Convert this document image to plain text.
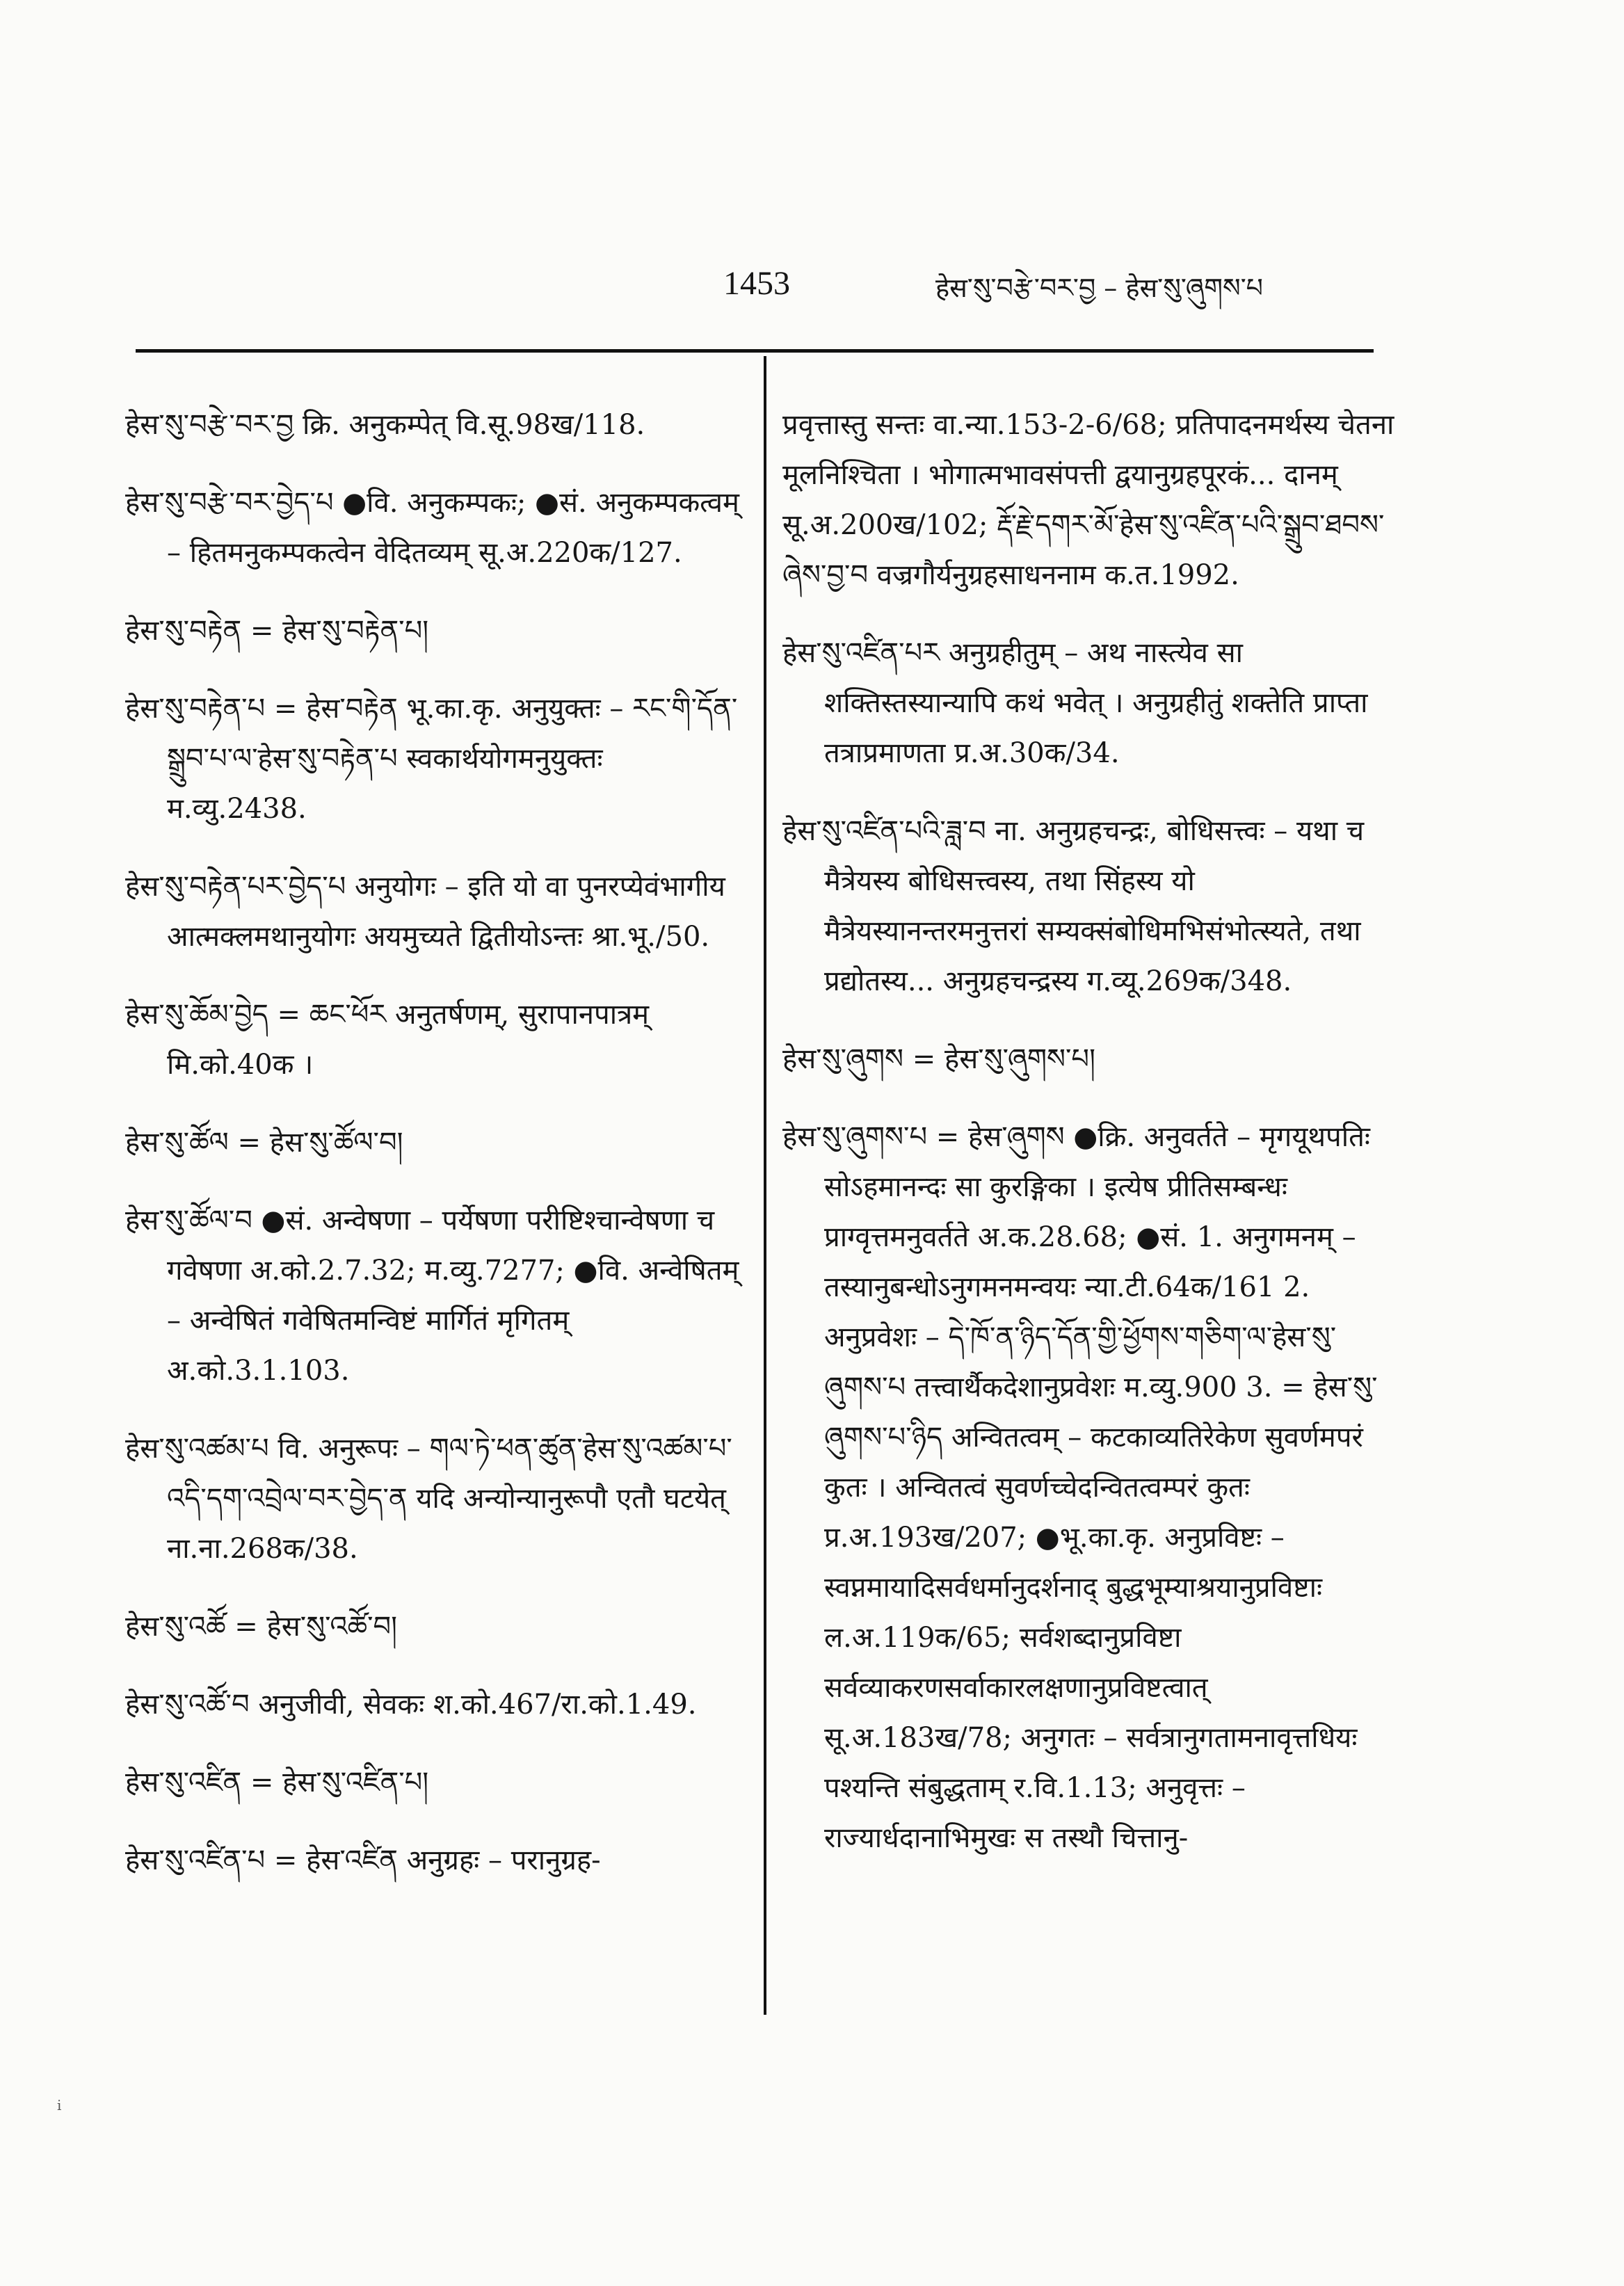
1453	हेस་སུ་བརྩེ་བར་བྱ – हेस་སུ་ཞུགས་པ

हेस་སུ་བརྩེ་བར་བྱ क्रि. अनुकम्पेत् वि.सू.98ख/118.

हेस་སུ་བརྩེ་བར་བྱེད་པ ●वि. अनुकम्पकः; ●सं. अनुकम्पकत्वम् – हितमनुकम्पकत्वेन वेदितव्यम् सू.अ.220क/127.

हेस་སུ་བརྟེན = हेस་སུ་བརྟེན་པ།

हेस་སུ་བརྟེན་པ = हेस་བརྟེན भू.का.कृ. अनुयुक्तः – རང་གི་དོན་སྒྲུབ་པ་ལ་हेस་སུ་བརྟེན་པ स्वकार्थयोगमनुयुक्तः म.व्यु.2438.

हेस་སུ་བརྟེན་པར་བྱེད་པ अनुयोगः – इति यो वा पुनरप्येवंभागीय आत्मक्लमथानुयोगः अयमुच्यते द्वितीयोऽन्तः श्रा.भू./50.

हेस་སུ་ཆོམ་བྱེད = ཆང་ཕོར अनुतर्षणम्, सुरापानपात्रम् मि.को.40क ।

हेस་སུ་ཚོལ = हेस་སུ་ཚོལ་བ།

हेस་སུ་ཚོལ་བ ●सं. अन्वेषणा – पर्येषणा परीष्टिश्चान्वेषणा च गवेषणा अ.को.2.7.32; म.व्यु.7277; ●वि. अन्वेषितम् – अन्वेषितं गवेषितमन्विष्टं मार्गितं मृगितम् अ.को.3.1.103.

हेस་སུ་འཚམ་པ वि. अनुरूपः – གལ་ཏེ་ཕན་ཚུན་हेस་སུ་འཚམ་པ་འདི་དག་འབྲེལ་བར་བྱེད་ན यदि अन्योन्यानुरूपौ एतौ घटयेत् ना.ना.268क/38.

हेस་སུ་འཚོ = हेस་སུ་འཚོ་བ།

हेस་སུ་འཚོ་བ अनुजीवी, सेवकः श.को.467/रा.को.1.49.

हेस་སུ་འཛིན = हेस་སུ་འཛིན་པ།

हेस་སུ་འཛིན་པ = हेस་འཛིན अनुग्रहः – परानुग्रह-

प्रवृत्तास्तु सन्तः वा.न्या.153-2-6/68; प्रतिपादनमर्थस्य चेतना मूलनिश्चिता । भोगात्मभावसंपत्ती द्वयानुग्रहपूरकं... दानम् सू.अ.200ख/102; རྡོ་རྗེ་དགར་མོ་हेस་སུ་འཛིན་པའི་སྒྲུབ་ཐབས་ཞེས་བྱ་བ वज्रगौर्यनुग्रहसाधननाम क.त.1992.

हेस་སུ་འཛིན་པར अनुग्रहीतुम् – अथ नास्त्येव सा शक्तिस्तस्यान्यापि कथं भवेत् । अनुग्रहीतुं शक्तेति प्राप्ता तत्राप्रमाणता प्र.अ.30क/34.

हेस་སུ་འཛིན་པའི་ཟླ་བ ना. अनुग्रहचन्द्रः, बोधिसत्त्वः – यथा च मैत्रेयस्य बोधिसत्त्वस्य, तथा सिंहस्य यो मैत्रेयस्यानन्तरमनुत्तरां सम्यक्संबोधिमभिसंभोत्स्यते, तथा प्रद्योतस्य... अनुग्रहचन्द्रस्य ग.व्यू.269क/348.

हेस་སུ་ཞུགས = हेस་སུ་ཞུགས་པ།

हेस་སུ་ཞུགས་པ = हेस་ཞུགས ●क्रि. अनुवर्तते – मृगयूथपतिः सोऽहमानन्दः सा कुरङ्गिका । इत्येष प्रीतिसम्बन्धः प्राग्वृत्तमनुवर्तते अ.क.28.68; ●सं. 1. अनुगमनम् – तस्यानुबन्धोऽनुगमनमन्वयः न्या.टी.64क/161 2. अनुप्रवेशः – དེ་ཁོ་ན་ཉིད་དོན་གྱི་ཕྱོགས་གཅིག་ལ་हेस་སུ་ཞུགས་པ तत्त्वार्थैकदेशानुप्रवेशः म.व्यु.900 3. = हेस་སུ་ཞུགས་པ་ཉིད अन्वितत्वम् – कटकाव्यतिरेकेण सुवर्णमपरं कुतः । अन्वितत्वं सुवर्णच्चेदन्वितत्वम्परं कुतः प्र.अ.193ख/207; ●भू.का.कृ. अनुप्रविष्टः – स्वप्नमायादिसर्वधर्मानुदर्शनाद् बुद्धभूम्याश्रयानुप्रविष्टाः ल.अ.119क/65; सर्वशब्दानुप्रविष्टा सर्वव्याकरणसर्वाकारलक्षणानुप्रविष्टत्वात् सू.अ.183ख/78; अनुगतः – सर्वत्रानुगतामनावृत्तधियः पश्यन्ति संबुद्धताम् र.वि.1.13; अनुवृत्तः – राज्यार्धदानाभिमुखः स तस्थौ चित्तानु-

i
